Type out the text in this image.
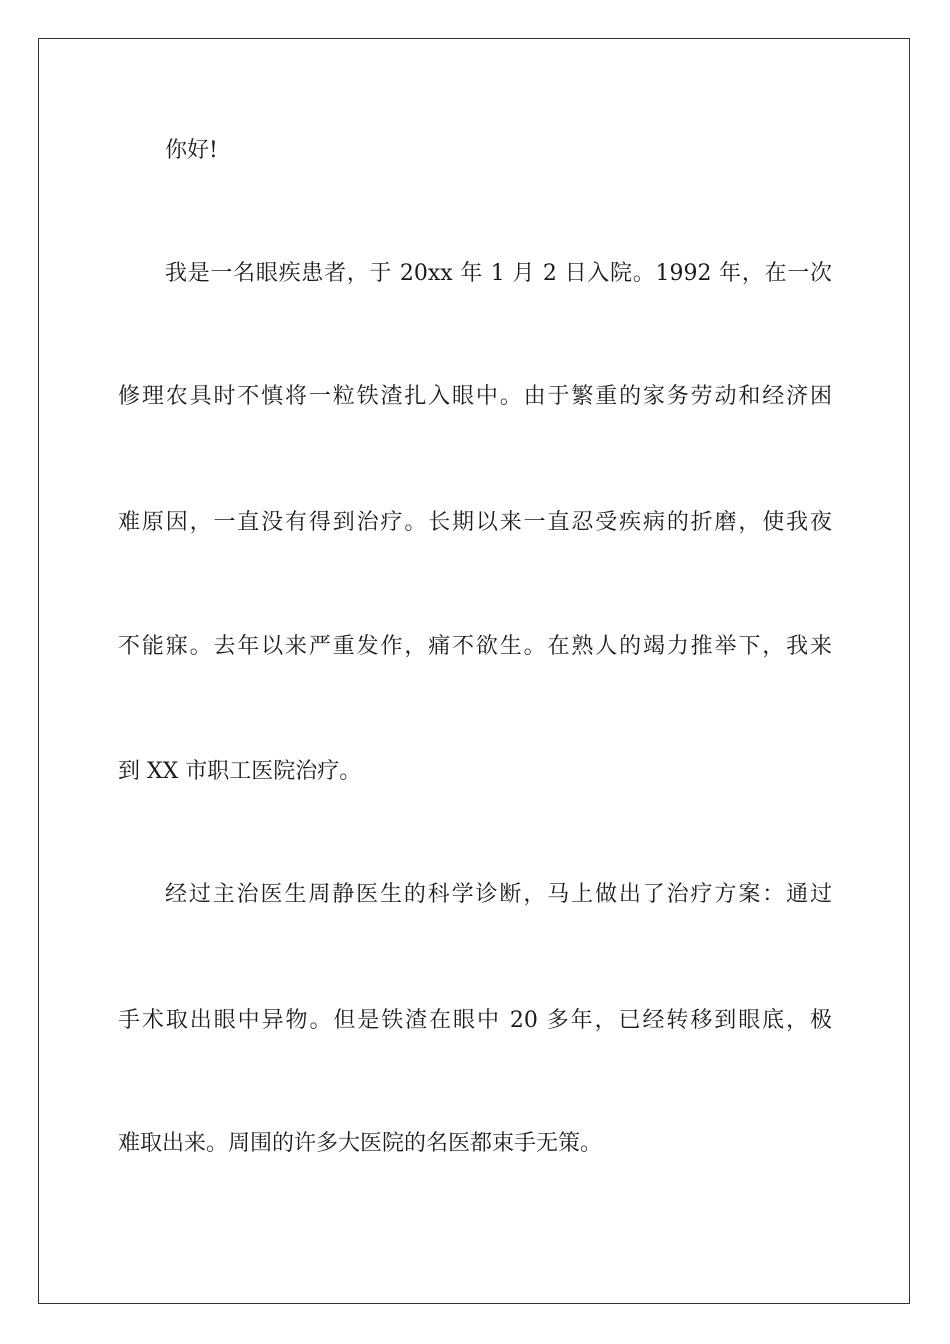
你好!
我是一名眼疾患者，于 20xx 年 1 月 2 日入院。1992 年，在一次
修理农具时不慎将一粒铁渣扎入眼中。由于繁重的家务劳动和经济困
难原因，一直没有得到治疗。长期以来一直忍受疾病的折磨，使我夜
不能寐。去年以来严重发作，痛不欲生。在熟人的竭力推举下，我来
到 XX 市职工医院治疗。
经过主治医生周静医生的科学诊断，马上做出了治疗方案：通过
手术取出眼中异物。但是铁渣在眼中 20 多年，已经转移到眼底，极
难取出来。周围的许多大医院的名医都束手无策。
